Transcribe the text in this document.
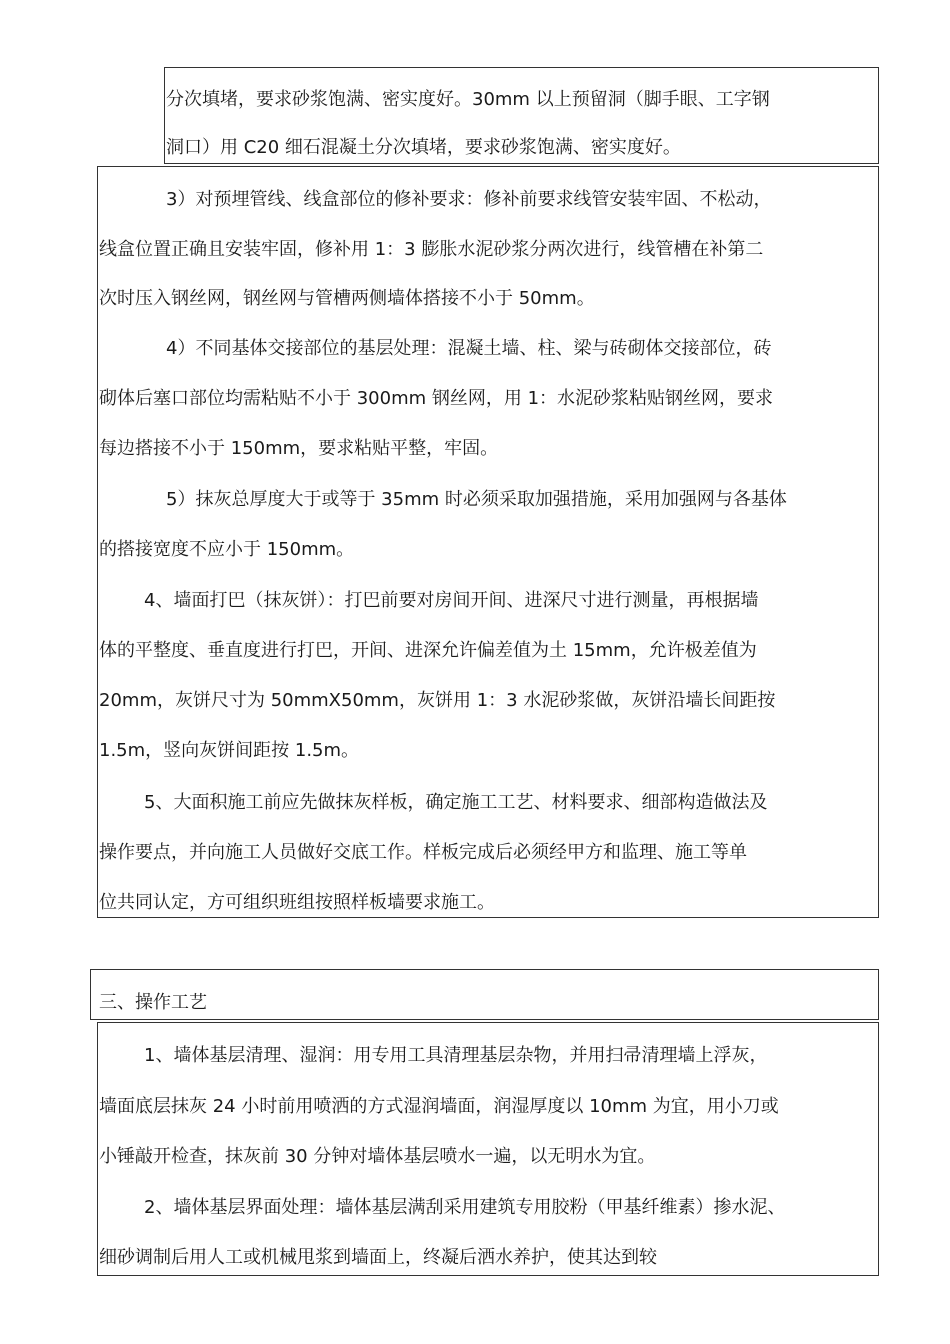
分次填堵，要求砂浆饱满、密实度好。30mm 以上预留洞（脚手眼、工字钢
洞口）用 C20 细石混凝土分次填堵，要求砂浆饱满、密实度好。
3）对预埋管线、线盒部位的修补要求：修补前要求线管安装牢固、不松动，
线盒位置正确且安装牢固，修补用 1：3 膨胀水泥砂浆分两次进行，线管槽在补第二
次时压入钢丝网，钢丝网与管槽两侧墙体搭接不小于 50mm。
4）不同基体交接部位的基层处理：混凝土墙、柱、梁与砖砌体交接部位，砖
砌体后塞口部位均需粘贴不小于 300mm 钢丝网，用 1：水泥砂浆粘贴钢丝网，要求
每边搭接不小于 150mm，要求粘贴平整，牢固。
5）抹灰总厚度大于或等于 35mm 时必须采取加强措施，采用加强网与各基体
的搭接宽度不应小于 150mm。
4、墙面打巴（抹灰饼）：打巴前要对房间开间、进深尺寸进行测量，再根据墙
体的平整度、垂直度进行打巴，开间、进深允许偏差值为土 15mm，允许极差值为
20mm，灰饼尺寸为 50mmX50mm，灰饼用 1：3 水泥砂浆做，灰饼沿墙长间距按
1.5m，竖向灰饼间距按 1.5m。
5、大面积施工前应先做抹灰样板，确定施工工艺、材料要求、细部构造做法及
操作要点，并向施工人员做好交底工作。样板完成后必须经甲方和监理、施工等单
位共同认定，方可组织班组按照样板墙要求施工。
三、操作工艺
1、墙体基层清理、湿润：用专用工具清理基层杂物，并用扫帚清理墙上浮灰，
墙面底层抹灰 24 小时前用喷洒的方式湿润墙面，润湿厚度以 10mm 为宜，用小刀或
小锤敲开检查，抹灰前 30 分钟对墙体基层喷水一遍，以无明水为宜。
2、墙体基层界面处理：墙体基层满刮采用建筑专用胶粉（甲基纤维素）掺水泥、
细砂调制后用人工或机械甩浆到墙面上，终凝后洒水养护，使其达到较
